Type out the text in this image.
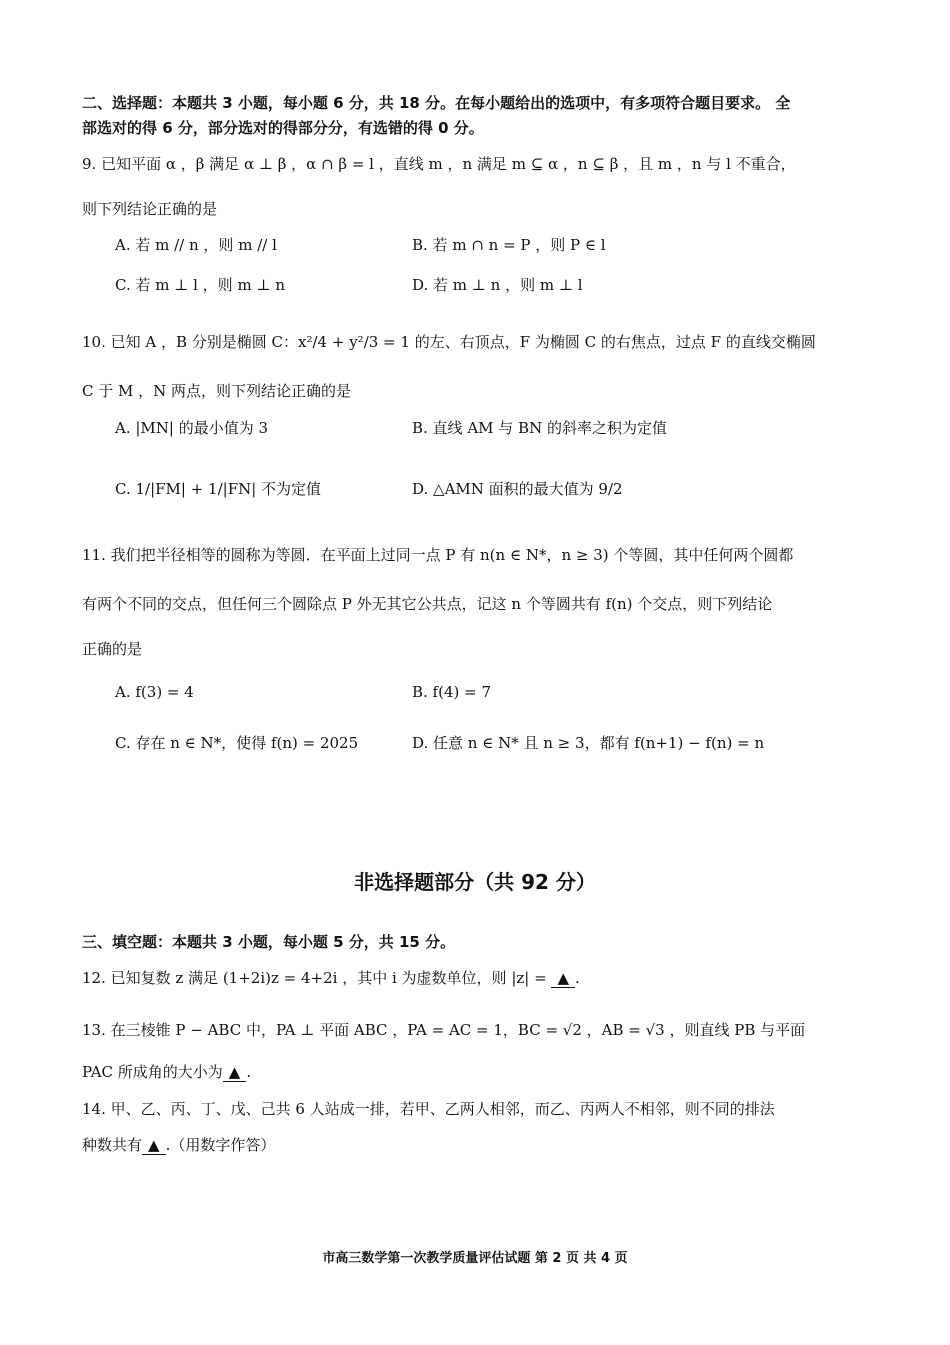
二、选择题：本题共 3 小题，每小题 6 分，共 18 分。在每小题给出的选项中，有多项符合题目要求。 全
部选对的得 6 分，部分选对的得部分分，有选错的得 0 分。
9. 已知平面 α ，β 满足 α ⊥ β ，α ∩ β = l ，直线 m ，n 满足 m ⊆ α ，n ⊆ β ，且 m ，n 与 l 不重合，
则下列结论正确的是
A. 若 m // n ，则 m // l	B. 若 m ∩ n = P ，则 P ∈ l
C. 若 m ⊥ l ，则 m ⊥ n	D. 若 m ⊥ n ，则 m ⊥ l
10. 已知 A ，B 分别是椭圆 C：x²/4 + y²/3 = 1 的左、右顶点，F 为椭圆 C 的右焦点，过点 F 的直线交椭圆
C 于 M ，N 两点，则下列结论正确的是
A. |MN| 的最小值为 3	B. 直线 AM 与 BN 的斜率之积为定值
C. 1/|FM| + 1/|FN| 不为定值	D. △AMN 面积的最大值为 9/2
11. 我们把半径相等的圆称为等圆．在平面上过同一点 P 有 n(n ∈ N*，n ≥ 3) 个等圆，其中任何两个圆都
有两个不同的交点，但任何三个圆除点 P 外无其它公共点，记这 n 个等圆共有 f(n) 个交点，则下列结论
正确的是
A. f(3) = 4	B. f(4) = 7
C. 存在 n ∈ N*，使得 f(n) = 2025	D. 任意 n ∈ N* 且 n ≥ 3，都有 f(n+1) − f(n) = n
非选择题部分（共 92 分）
三、填空题：本题共 3 小题，每小题 5 分，共 15 分。
12. 已知复数 z 满足 (1+2i)z = 4+2i ，其中 i 为虚数单位，则 |z| = ▲ .
13. 在三棱锥 P − ABC 中，PA ⊥ 平面 ABC ，PA = AC = 1，BC = √2 ，AB = √3 ，则直线 PB 与平面
PAC 所成角的大小为 ▲ .
14. 甲、乙、丙、丁、戊、己共 6 人站成一排，若甲、乙两人相邻，而乙、丙两人不相邻，则不同的排法
种数共有 ▲ .（用数字作答）
市高三数学第一次教学质量评估试题 第 2 页 共 4 页
